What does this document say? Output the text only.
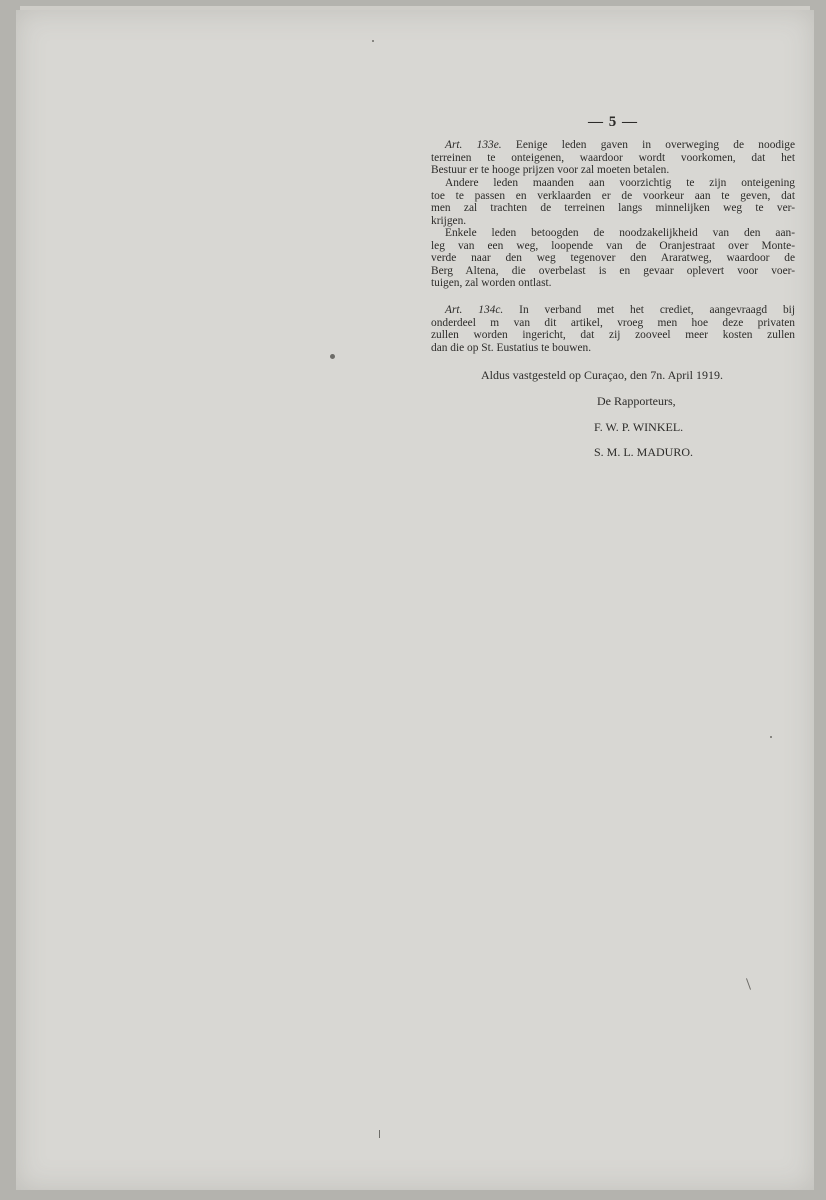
— 5 —
Art. 133e. Eenige leden gaven in overweging de noodige
terreinen te onteigenen, waardoor wordt voorkomen, dat het
Bestuur er te hooge prijzen voor zal moeten betalen.
Andere leden maanden aan voorzichtig te zijn onteigening
toe te passen en verklaarden er de voorkeur aan te geven, dat
men zal trachten de terreinen langs minnelijken weg te ver-
krijgen.
Enkele leden betoogden de noodzakelijkheid van den aan-
leg van een weg, loopende van de Oranjestraat over Monte-
verde naar den weg tegenover den Araratweg, waardoor de
Berg Altena, die overbelast is en gevaar oplevert voor voer-
tuigen, zal worden ontlast.
Art. 134c. In verband met het crediet, aangevraagd bij
onderdeel m van dit artikel, vroeg men hoe deze privaten
zullen worden ingericht, dat zij zooveel meer kosten zullen
dan die op St. Eustatius te bouwen.
Aldus vastgesteld op Curaçao, den 7n. April 1919.
De Rapporteurs,
F. W. P. WINKEL.
S. M. L. MADURO.
